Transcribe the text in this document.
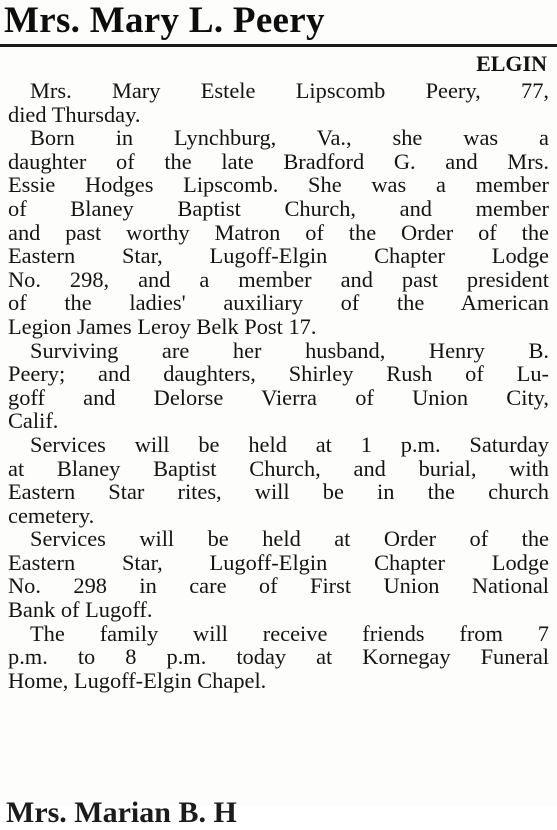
Mrs. Mary L. Peery
ELGIN
Mrs. Mary Estele Lipscomb Peery, 77,
died Thursday.
Born in Lynchburg, Va., she was a
daughter of the late Bradford G. and Mrs.
Essie Hodges Lipscomb. She was a member
of Blaney Baptist Church, and member
and past worthy Matron of the Order of the
Eastern Star, Lugoff-Elgin Chapter Lodge
No. 298, and a member and past president
of the ladies' auxiliary of the American
Legion James Leroy Belk Post 17.
Surviving are her husband, Henry B.
Peery; and daughters, Shirley Rush of Lu-
goff and Delorse Vierra of Union City,
Calif.
Services will be held at 1 p.m. Saturday
at Blaney Baptist Church, and burial, with
Eastern Star rites, will be in the church
cemetery.
Services will be held at Order of the
Eastern Star, Lugoff-Elgin Chapter Lodge
No. 298 in care of First Union National
Bank of Lugoff.
The family will receive friends from 7
p.m. to 8 p.m. today at Kornegay Funeral
Home, Lugoff-Elgin Chapel.
Mrs. Marian B. H
